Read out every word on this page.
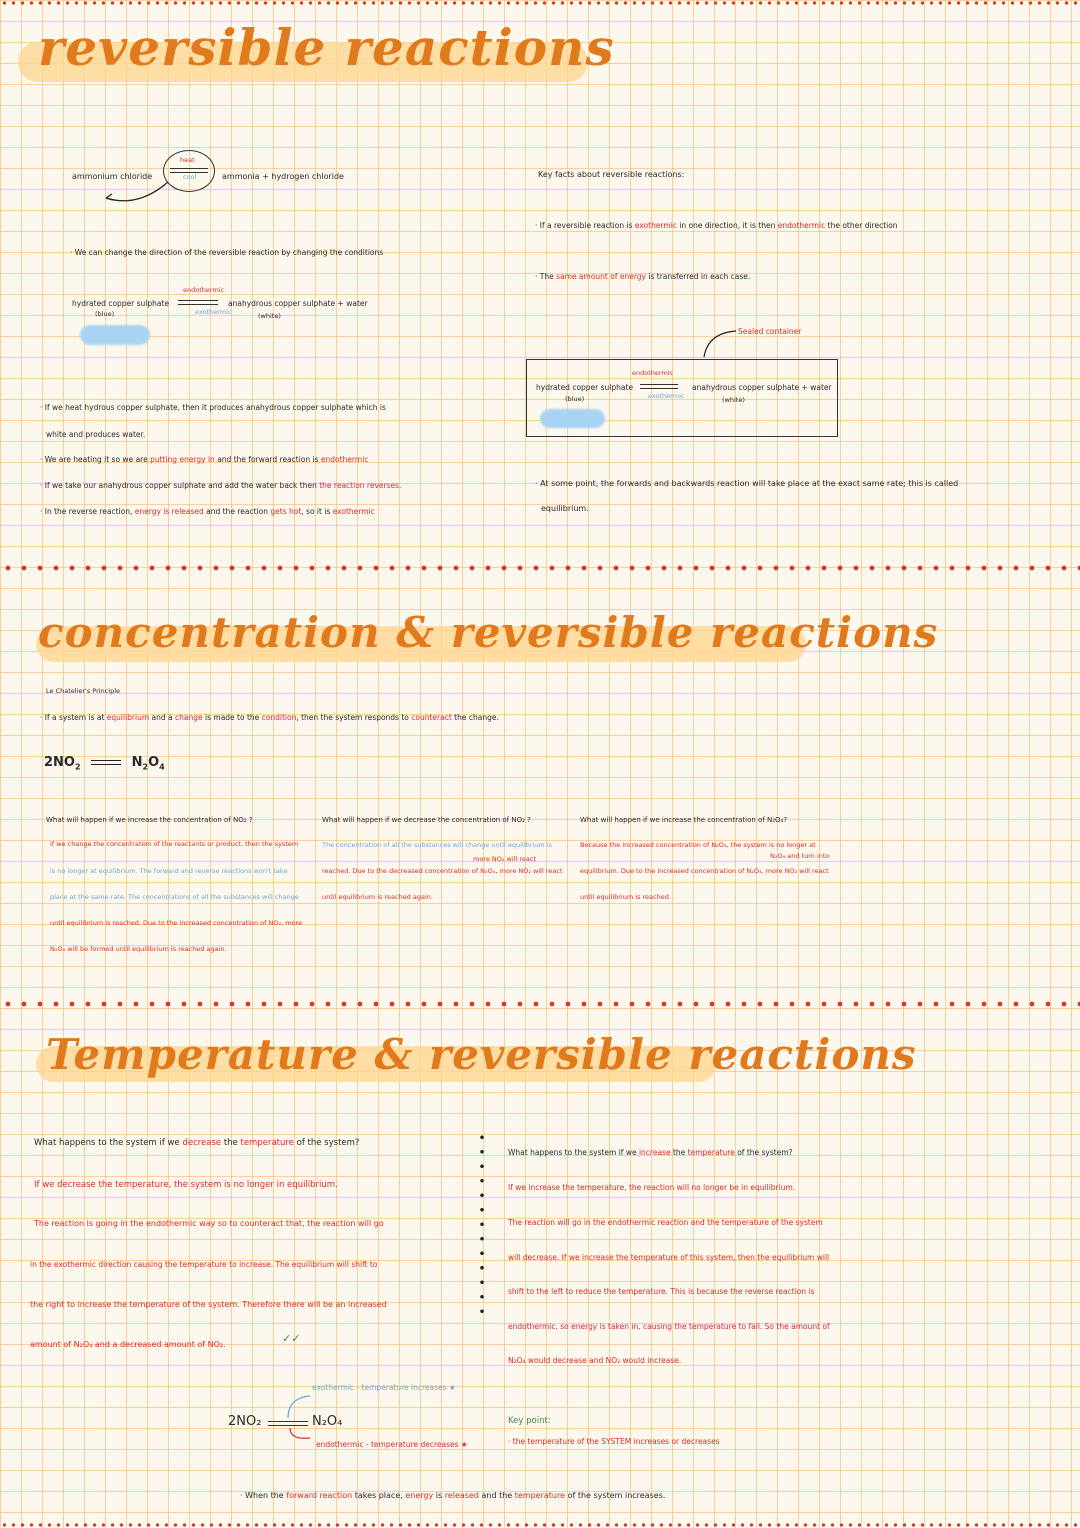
reversible reactions
ammonium chloride
heat
cool	ammonia + hydrogen chloride
· We can change the direction of the reversible reaction by changing the conditions
endothermic
hydrated copper sulphate
(blue)	exothermic
anahydrous copper sulphate + water
(white)
· If we heat hydrous copper sulphate, then it produces anahydrous copper sulphate which is
white and produces water.
· We are heating it so we are putting energy in and the forward reaction is endothermic
· If we take our anahydrous copper sulphate and add the water back then the reaction reverses.
· In the reverse reaction, energy is released and the reaction gets hot, so it is exothermic
Key facts about reversible reactions:
· If a reversible reaction is exothermic in one direction, it is then endothermic the other direction
· The same amount of energy is transferred in each case.
Sealed container
endothermic
hydrated copper sulphate
(blue)	exothermic
anahydrous copper sulphate + water
(white)
· At some point, the forwards and backwards reaction will take place at the exact same rate; this is called
equilibrium.
concentration & reversible reactions
Le Chatelier's Principle
· If a system is at equilibrium and a change is made to the condition, then the system responds to counteract the change.
$2NO_2$	$N_2O_4$
What will happen if we increase the concentration of NO₂ ?
If we change the concentration of the reactants or product, then the system
is no longer at equilibrium. The forward and reverse reactions won't take
place at the same rate. The concentrations of all the substances will change
until equilibrium is reached. Due to the increased concentration of NO₂, more
N₂O₄ will be formed until equilibrium is reached again.
What will happen if we decrease the concentration of NO₂ ?
more NO₂ will react
The concentration of all the substances will change until equilibrium is
reached. Due to the decreased concentration of N₂O₄, more NO₂ will react
until equilibrium is reached again.
What will happen if we increase the concentration of N₂O₄?
N₂O₄ and turn into
Because the increased concentration of N₂O₄, the system is no longer at
equilibrium. Due to the increased concentration of N₂O₄, more NO₂ will react
until equilibrium is reached.
Temperature & reversible reactions
What happens to the system if we decrease the temperature of the system?
If we decrease the temperature, the system is no longer in equilibrium.
The reaction is going in the endothermic way so to counteract that, the reaction will go
in the exothermic direction causing the temperature to increase. The equilibrium will shift to
the right to increase the temperature of the system. Therefore there will be an increased
amount of N₂O₄ and a decreased amount of NO₂.	✓✓
exothermic - temperature increases ★
2NO₂	N₂O₄
endothermic - temperature decreases ★
What happens to the system if we increase the temperature of the system?
If we increase the temperature, the reaction will no longer be in equilibrium.
The reaction will go in the endothermic reaction and the temperature of the system
will decrease. If we increase the temperature of this system, then the equilibrium will
shift to the left to reduce the temperature. This is because the reverse reaction is
endothermic, so energy is taken in, causing the temperature to fall. So the amount of
N₂O₄ would decrease and NO₂ would increase.
Key point:
· the temperature of the SYSTEM increases or decreases
· When the forward reaction takes place, energy is released and the temperature of the system increases.
